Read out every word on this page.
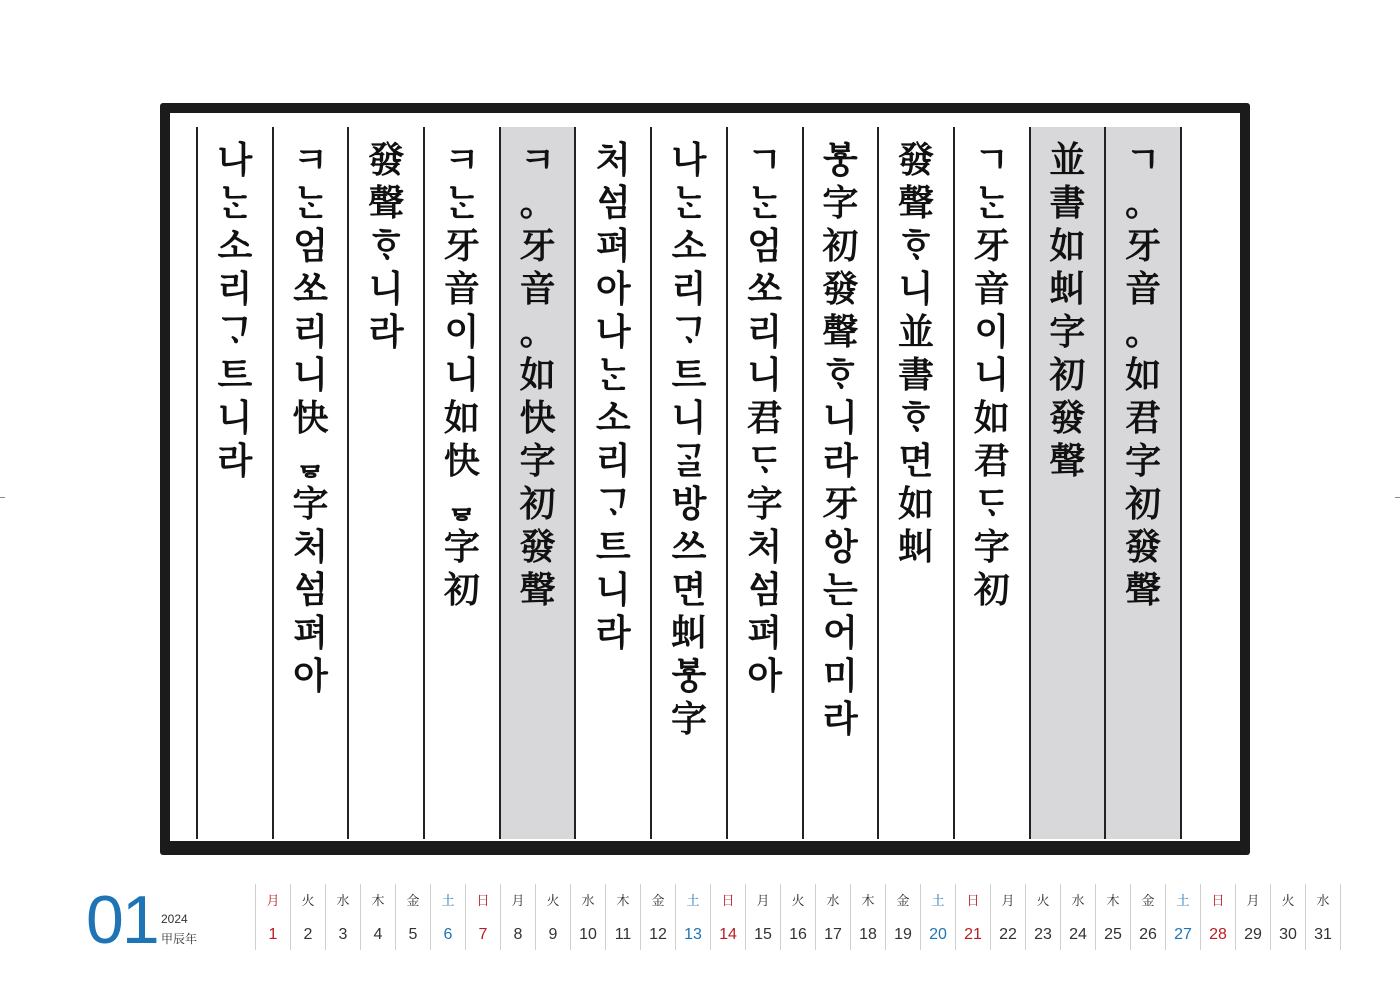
나
ᄂᆞᆫ
소
리
ᄀᆞ
트
니
라
ㅋ
ᄂᆞᆫ
엄
쏘
리
니
快
ᇢ
字
처
ᅀᅥᆷ
펴
아
發
聲
ᄒᆞ
니
라
ㅋ
ᄂᆞᆫ
牙
音
이
니
如
快
ᇢ
字
初
ㅋ
。
牙
音
。
如
快
字
初
發
聲
처
ᅀᅥᆷ
펴
아
나
ᄂᆞᆫ
소
리
ᄀᆞ
트
니
라
나
ᄂᆞᆫ
소
리
ᄀᆞ
트
니
ᄀᆞᆯ
방
쓰
면
虯
ᄫᅮᆼ
字
ㄱ
ᄂᆞᆫ
엄
쏘
리
니
君
ᄃᆞ
字
처
ᅀᅥᆷ
펴
아
ᄫᅮᆼ
字
初
發
聲
ᄒᆞ
니
라
牙
ᅌᅡᆼ
는
어
미
라
發
聲
ᄒᆞ
니
並
書
ᄒᆞ
면
如
虯
ㄱ
ᄂᆞᆫ
牙
音
이
니
如
君
ᄃᆞ
字
初
並
書
如
虯
字
初
發
聲
ㄱ
。
牙
音
。
如
君
字
初
發
聲
01 2024
甲辰年
月
1
火
2
水
3
木
4
金
5
土
6
日
7
月
8
火
9
水
10
木
11
金
12
土
13
日
14
月
15
火
16
水
17
木
18
金
19
土
20
日
21
月
22
火
23
水
24
木
25
金
26
土
27
日
28
月
29
火
30
水
31
